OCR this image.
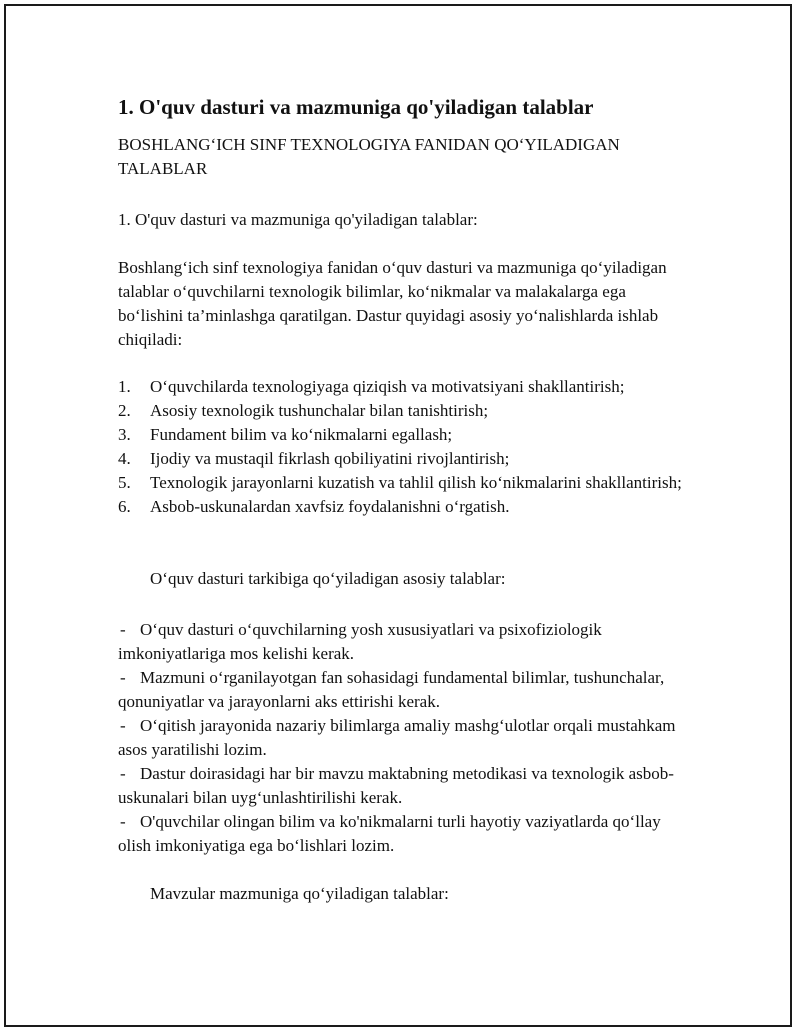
1. O'quv dasturi va mazmuniga qo'yiladigan talablar

BOSHLANG‘ICH SINF TEXNOLOGIYA FANIDAN QO‘YILADIGAN TALABLAR

1. O'quv dasturi va mazmuniga qo'yiladigan talablar:

Boshlang‘ich sinf texnologiya fanidan o‘quv dasturi va mazmuniga qo‘yiladigan talablar o‘quvchilarni texnologik bilimlar, ko‘nikmalar va malakalarga ega bo‘lishini ta’minlashga qaratilgan. Dastur quyidagi asosiy yo‘nalishlarda ishlab chiqiladi:

1. O‘quvchilarda texnologiyaga qiziqish va motivatsiyani shakllantirish;
2. Asosiy texnologik tushunchalar bilan tanishtirish;
3. Fundament bilim va ko‘nikmalarni egallash;
4. Ijodiy va mustaqil fikrlash qobiliyatini rivojlantirish;
5. Texnologik jarayonlarni kuzatish va tahlil qilish ko‘nikmalarini shakllantirish;
6. Asbob-uskunalardan xavfsiz foydalanishni o‘rgatish.

O‘quv dasturi tarkibiga qo‘yiladigan asosiy talablar:

- O‘quv dasturi o‘quvchilarning yosh xususiyatlari va psixofiziologik imkoniyatlariga mos kelishi kerak.
- Mazmuni o‘rganilayotgan fan sohasidagi fundamental bilimlar, tushunchalar, qonuniyatlar va jarayonlarni aks ettirishi kerak.
- O‘qitish jarayonida nazariy bilimlarga amaliy mashg‘ulotlar orqali mustahkam asos yaratilishi lozim.
- Dastur doirasidagi har bir mavzu maktabning metodikasi va texnologik asbob-uskunalari bilan uyg‘unlashtirilishi kerak.
- O'quvchilar olingan bilim va ko'nikmalarni turli hayotiy vaziyatlarda qo‘llay olish imkoniyatiga ega bo‘lishlari lozim.

Mavzular mazmuniga qo‘yiladigan talablar:
